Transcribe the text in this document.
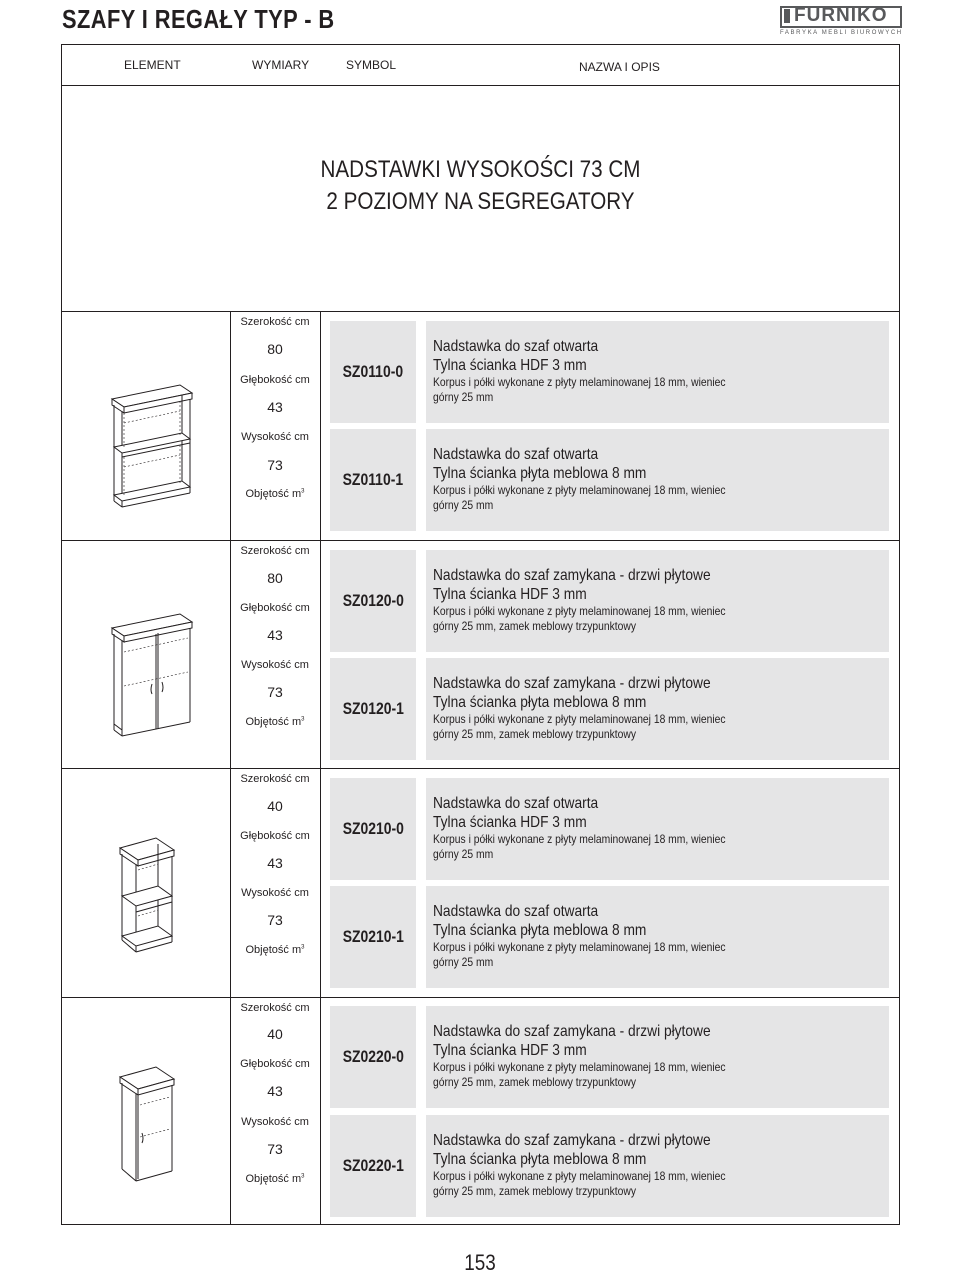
SZAFY I REGAŁY TYP - B	FURNIKO
FABRYKA MEBLI BIUROWYCH
ELEMENT	WYMIARY	SYMBOL	NAZWA I OPIS
NADSTAWKI WYSOKOŚCI 73 CM
2 POZIOMY NA SEGREGATORY
Szerokość cm
80
Głębokość cm
43
Wysokość cm
73
Objętość $m^3$
SZ0110-0
Nadstawka do szaf otwarta
Tylna ścianka HDF 3 mm
Korpus i półki wykonane z płyty melaminowanej 18 mm, wieniec górny 25 mm
SZ0110-1
Nadstawka do szaf otwarta
Tylna ścianka płyta meblowa 8 mm
Korpus i półki wykonane z płyty melaminowanej 18 mm, wieniec górny 25 mm
Szerokość cm
80
Głębokość cm
43
Wysokość cm
73
Objętość $m^3$
SZ0120-0
Nadstawka do szaf zamykana - drzwi płytowe
Tylna ścianka HDF 3 mm
Korpus i półki wykonane z płyty melaminowanej 18 mm, wieniec górny 25 mm, zamek meblowy trzypunktowy
SZ0120-1
Nadstawka do szaf zamykana - drzwi płytowe
Tylna ścianka płyta meblowa 8 mm
Korpus i półki wykonane z płyty melaminowanej 18 mm, wieniec górny 25 mm, zamek meblowy trzypunktowy
Szerokość cm
40
Głębokość cm
43
Wysokość cm
73
Objętość $m^3$
SZ0210-0
Nadstawka do szaf otwarta
Tylna ścianka HDF 3 mm
Korpus i półki wykonane z płyty melaminowanej 18 mm, wieniec górny 25 mm
SZ0210-1
Nadstawka do szaf otwarta
Tylna ścianka płyta meblowa 8 mm
Korpus i półki wykonane z płyty melaminowanej 18 mm, wieniec górny 25 mm
Szerokość cm
40
Głębokość cm
43
Wysokość cm
73
Objętość $m^3$
SZ0220-0
Nadstawka do szaf zamykana - drzwi płytowe
Tylna ścianka HDF 3 mm
Korpus i półki wykonane z płyty melaminowanej 18 mm, wieniec górny 25 mm, zamek meblowy trzypunktowy
SZ0220-1
Nadstawka do szaf zamykana - drzwi płytowe
Tylna ścianka płyta meblowa 8 mm
Korpus i półki wykonane z płyty melaminowanej 18 mm, wieniec górny 25 mm, zamek meblowy trzypunktowy
153
